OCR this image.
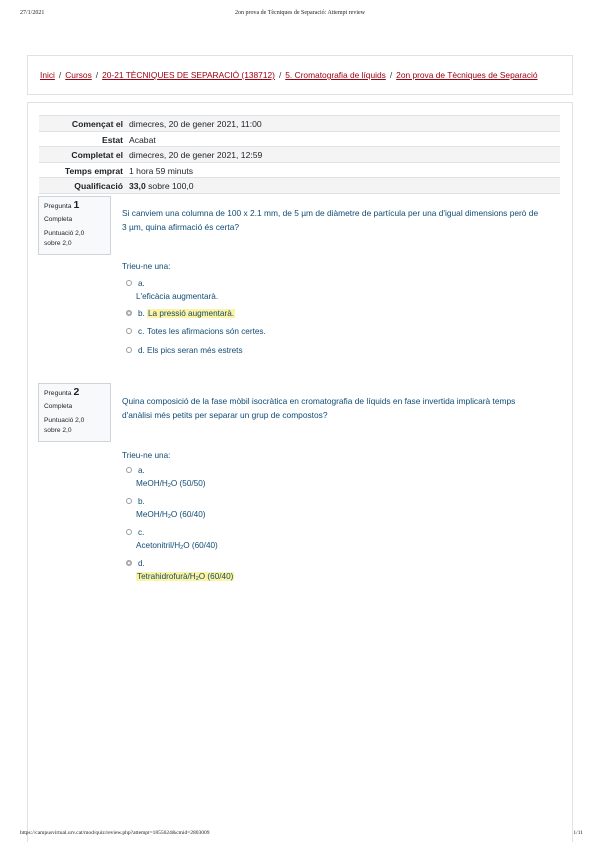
27/1/2021	2on prova de Tècniques de Separació: Attempt review
Inici / Cursos / 20-21 TÈCNIQUES DE SEPARACIÓ (138712) / 5. Cromatografia de líquids / 2on prova de Tècniques de Separació
Començat el dimecres, 20 de gener 2021, 11:00
Estat Acabat
Completat el dimecres, 20 de gener 2021, 12:59
Temps emprat 1 hora 59 minuts
Qualificació 33,0 sobre 100,0
Pregunta 1
Completa
Puntuació 2,0
sobre 2,0
Si canviem una columna de 100 x 2.1 mm, de 5 µm de diàmetre de partícula per una d'igual dimensions però de 3 µm, quina afirmació és certa?
Trieu-ne una:
a.
L'eficàcia augmentarà.
b. La pressió augmentarà.
c. Totes les afirmacions són certes.
d. Els pics seran més estrets
Pregunta 2
Completa
Puntuació 2,0
sobre 2,0
Quina composició de la fase mòbil isocràtica en cromatografia de líquids en fase invertida implicarà temps d'anàlisi més petits per separar un grup de compostos?
Trieu-ne una:
a.
MeOH/$H_2O$ (50/50)
b.
MeOH/$H_2O$ (60/40)
c.
Acetonitril/$H_2O$ (60/40)
d.
Tetrahidrofurà/$H_2O$ (60/40)
https://campusvirtual.urv.cat/mod/quiz/review.php?attempt=1855624&cmid=2803009	1/11
